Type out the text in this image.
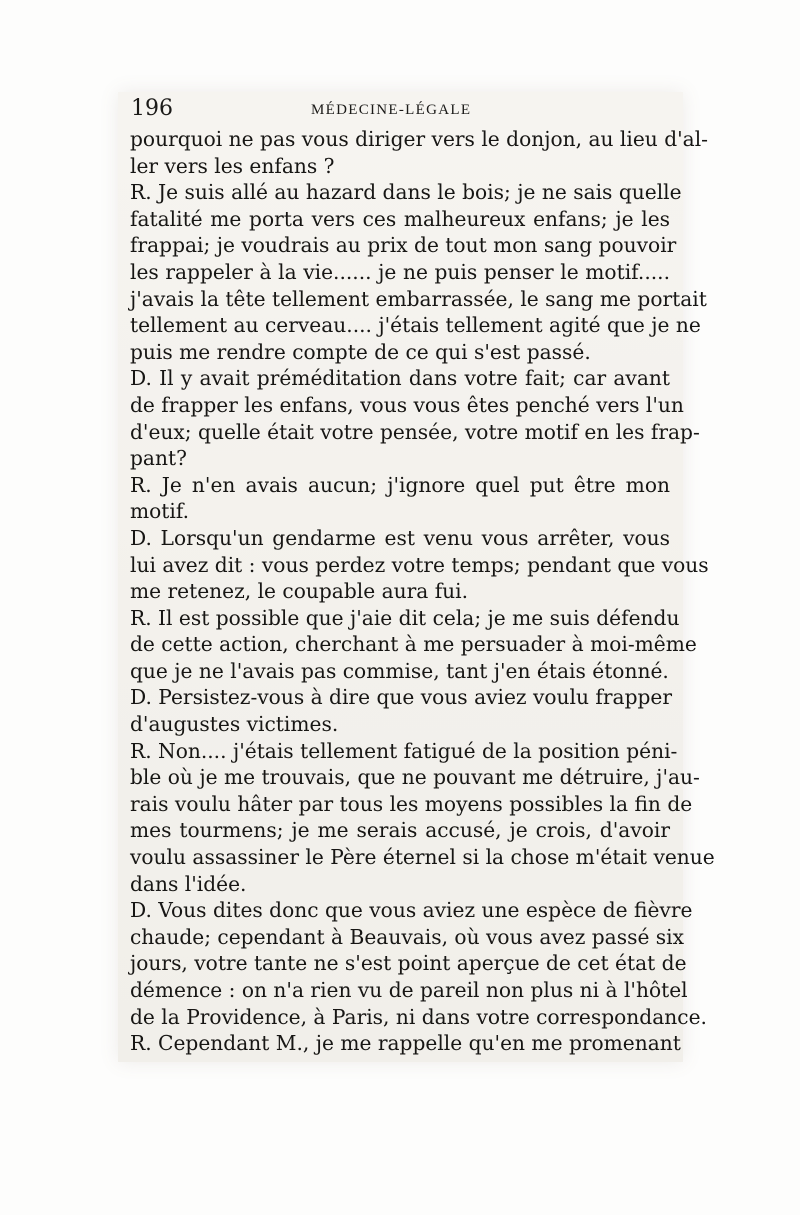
196	MÉDECINE-LÉGALE
pourquoi ne pas vous diriger vers le donjon, au lieu d'al-
ler vers les enfans ?
R. Je suis allé au hazard dans le bois; je ne sais quelle
fatalité me porta vers ces malheureux enfans; je les
frappai; je voudrais au prix de tout mon sang pouvoir
les rappeler à la vie...... je ne puis penser le motif.....
j'avais la tête tellement embarrassée, le sang me portait
tellement au cerveau.... j'étais tellement agité que je ne
puis me rendre compte de ce qui s'est passé.
D. Il y avait préméditation dans votre fait; car avant
de frapper les enfans, vous vous êtes penché vers l'un
d'eux; quelle était votre pensée, votre motif en les frap-
pant?
R. Je n'en avais aucun; j'ignore quel put être mon
motif.
D. Lorsqu'un gendarme est venu vous arrêter, vous
lui avez dit : vous perdez votre temps; pendant que vous
me retenez, le coupable aura fui.
R. Il est possible que j'aie dit cela; je me suis défendu
de cette action, cherchant à me persuader à moi-même
que je ne l'avais pas commise, tant j'en étais étonné.
D. Persistez-vous à dire que vous aviez voulu frapper
d'augustes victimes.
R. Non.... j'étais tellement fatigué de la position péni-
ble où je me trouvais, que ne pouvant me détruire, j'au-
rais voulu hâter par tous les moyens possibles la fin de
mes tourmens; je me serais accusé, je crois, d'avoir
voulu assassiner le Père éternel si la chose m'était venue
dans l'idée.
D. Vous dites donc que vous aviez une espèce de fièvre
chaude; cependant à Beauvais, où vous avez passé six
jours, votre tante ne s'est point aperçue de cet état de
démence : on n'a rien vu de pareil non plus ni à l'hôtel
de la Providence, à Paris, ni dans votre correspondance.
R. Cependant M., je me rappelle qu'en me promenant
